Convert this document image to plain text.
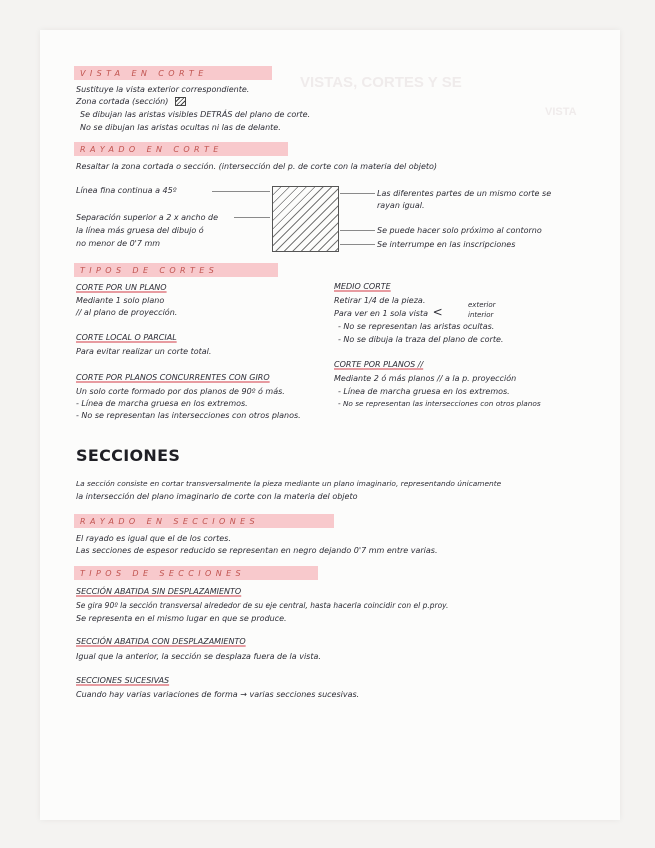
VISTAS, CORTES Y SE
VISTA
VISTA EN CORTE
Sustituye la vista exterior correspondiente.
Zona cortada (sección)
Se dibujan las aristas visibles DETRÁS del plano de corte.
No se dibujan las aristas ocultas ni las de delante.
RAYADO EN CORTE
Resaltar la zona cortada o sección. (intersección del p. de corte con la materia del objeto)
Línea fina continua a 45º
Separación superior a 2 x ancho de
la línea más gruesa del dibujo ó
no menor de 0'7 mm
Las diferentes partes de un mismo corte se
rayan igual.
Se puede hacer solo próximo al contorno
Se interrumpe en las inscripciones
TIPOS DE CORTES
CORTE POR UN PLANO
Mediante 1 solo plano
// al plano de proyección.
CORTE LOCAL O PARCIAL
Para evitar realizar un corte total.
CORTE POR PLANOS CONCURRENTES CON GIRO
Un solo corte formado por dos planos de 90º ó más.
- Línea de marcha gruesa en los extremos.
- No se representan las intersecciones con otros planos.
MEDIO CORTE
Retirar 1/4 de la pieza.
Para ver en 1 sola vista <	exterior
interior
- No se representan las aristas ocultas.
- No se dibuja la traza del plano de corte.
CORTE POR PLANOS //
Mediante 2 ó más planos // a la p. proyección
- Línea de marcha gruesa en los extremos.
- No se representan las intersecciones con otros planos
SECCIONES
La sección consiste en cortar transversalmente la pieza mediante un plano imaginario, representando únicamente
la intersección del plano imaginario de corte con la materia del objeto
RAYADO EN SECCIONES
El rayado es igual que el de los cortes.
Las secciones de espesor reducido se representan en negro dejando 0'7 mm entre varias.
TIPOS DE SECCIONES
SECCIÓN ABATIDA SIN DESPLAZAMIENTO
Se gira 90º la sección transversal alrededor de su eje central, hasta hacerla coincidir con el p.proy.
Se representa en el mismo lugar en que se produce.
SECCIÓN ABATIDA CON DESPLAZAMIENTO
Igual que la anterior, la sección se desplaza fuera de la vista.
SECCIONES SUCESIVAS
Cuando hay varias variaciones de forma → varias secciones sucesivas.
